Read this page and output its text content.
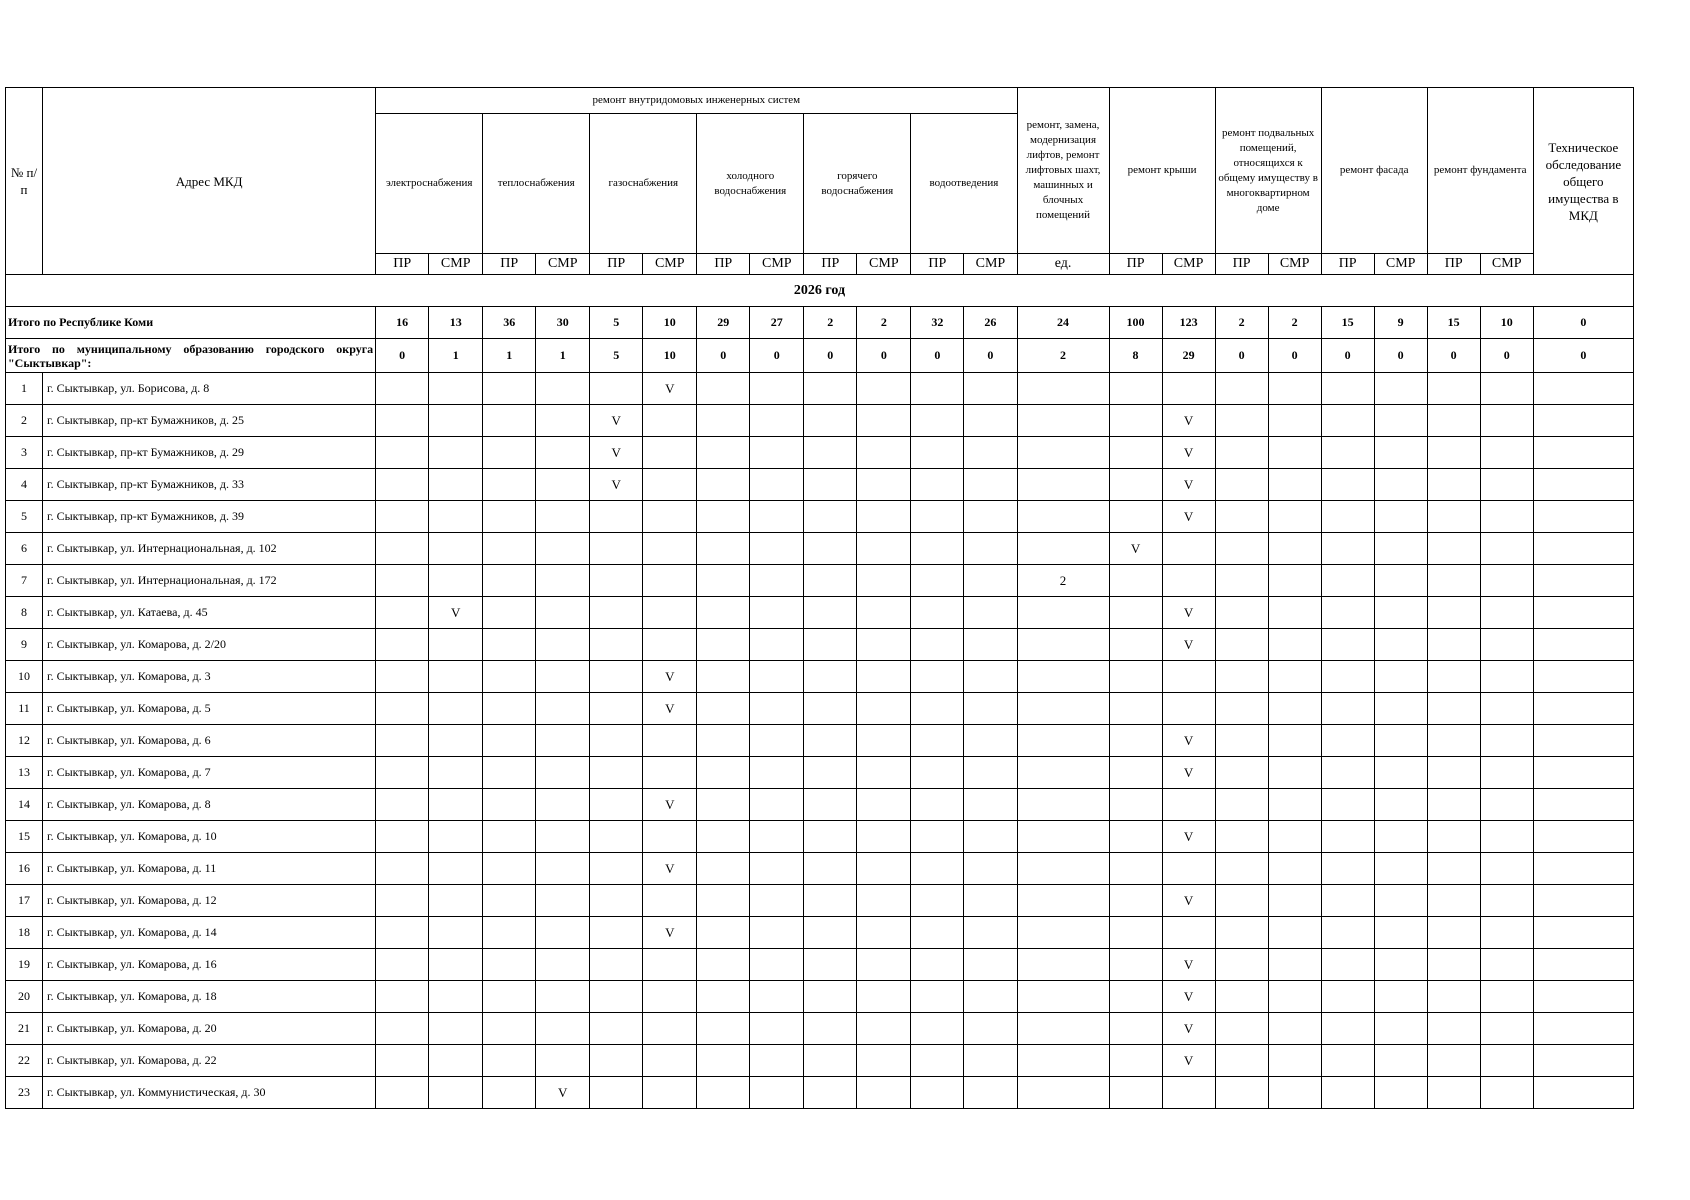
№ п/п	Адрес МКД	ремонт внутридомовых инженерных систем												ремонт, замена, модернизация лифтов, ремонт лифтовых шахт, машинных и блочных помещений	ремонт крыши		ремонт подвальных помещений, относящихся к общему имуществу в многоквартирном доме		ремонт фасада		ремонт фундамента		Техническое обследование общего имущества в МКД
		электроснабжения		теплоснабжения		газоснабжения		холодного водоснабжения		горячего водоснабжения		водоотведения											
		ПР	СМР	ПР	СМР	ПР	СМР	ПР	СМР	ПР	СМР	ПР	СМР	ед.	ПР	СМР	ПР	СМР	ПР	СМР	ПР	СМР	
2026 год																							
Итого по Республике Коми		16	13	36	30	5	10	29	27	2	2	32	26	24	100	123	2	2	15	9	15	10	0
Итого по муниципальному образованию городского округа "Сыктывкар":		0	1	1	1	5	10	0	0	0	0	0	0	2	8	29	0	0	0	0	0	0	0
1	г. Сыктывкар, ул. Борисова, д. 8						V																
2	г. Сыктывкар, пр-кт Бумажников, д. 25					V										V							
3	г. Сыктывкар, пр-кт Бумажников, д. 29					V										V							
4	г. Сыктывкар, пр-кт Бумажников, д. 33					V										V							
5	г. Сыктывкар, пр-кт Бумажников, д. 39															V							
6	г. Сыктывкар, ул. Интернациональная, д. 102														V								
7	г. Сыктывкар, ул. Интернациональная, д. 172													2									
8	г. Сыктывкар, ул. Катаева, д. 45		V													V							
9	г. Сыктывкар, ул. Комарова, д. 2/20															V							
10	г. Сыктывкар, ул. Комарова, д. 3						V																
11	г. Сыктывкар, ул. Комарова, д. 5						V																
12	г. Сыктывкар, ул. Комарова, д. 6															V							
13	г. Сыктывкар, ул. Комарова, д. 7															V							
14	г. Сыктывкар, ул. Комарова, д. 8						V																
15	г. Сыктывкар, ул. Комарова, д. 10															V							
16	г. Сыктывкар, ул. Комарова, д. 11						V																
17	г. Сыктывкар, ул. Комарова, д. 12															V							
18	г. Сыктывкар, ул. Комарова, д. 14						V																
19	г. Сыктывкар, ул. Комарова, д. 16															V							
20	г. Сыктывкар, ул. Комарова, д. 18															V							
21	г. Сыктывкар, ул. Комарова, д. 20															V							
22	г. Сыктывкар, ул. Комарова, д. 22															V							
23	г. Сыктывкар, ул. Коммунистическая, д. 30				V																		
